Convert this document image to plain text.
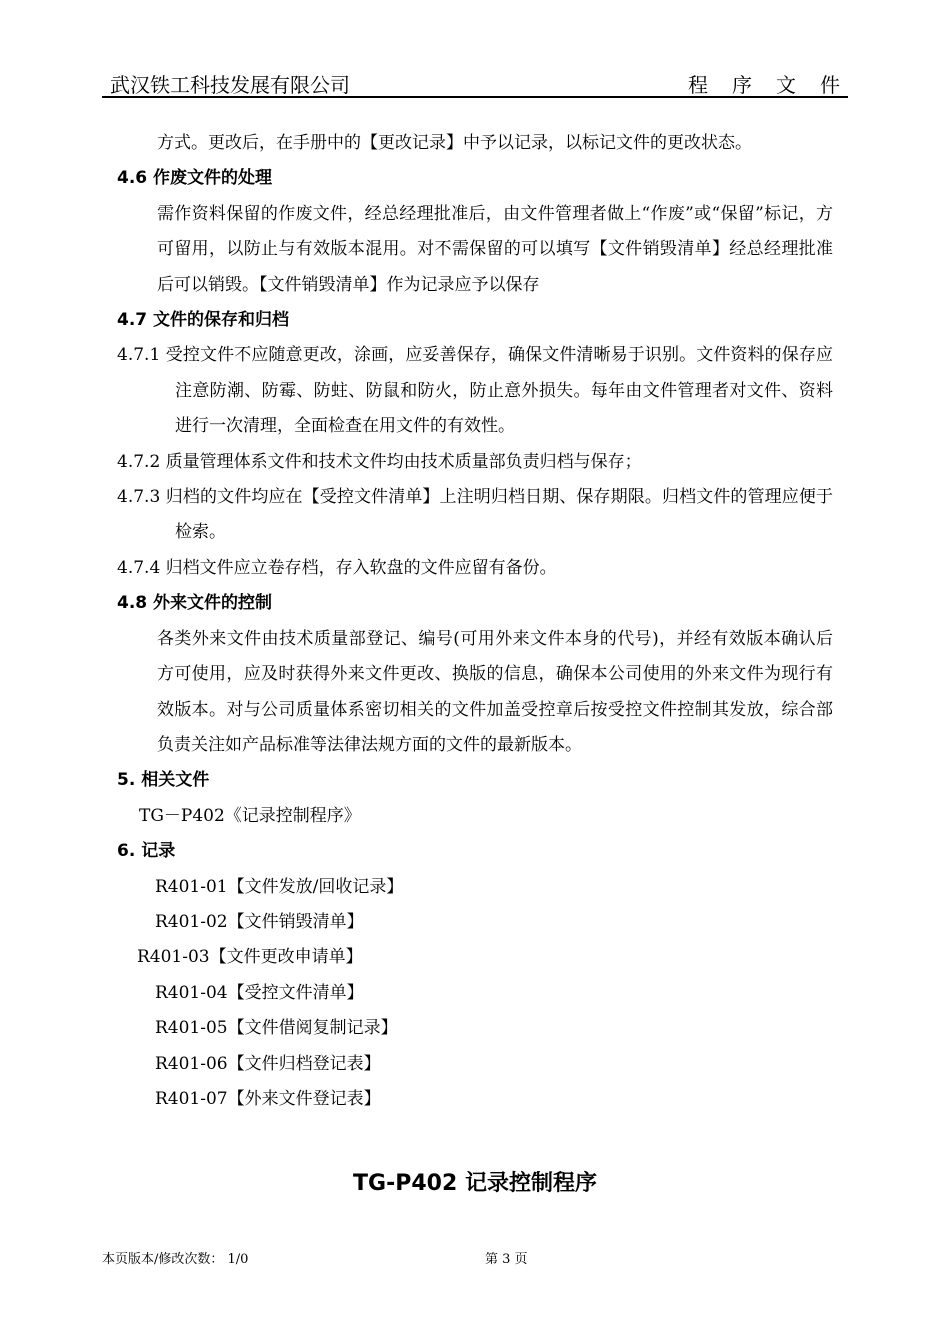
武汉铁工科技发展有限公司	程序文件

方式。更改后，在手册中的【更改记录】中予以记录，以标记文件的更改状态。

4.6 作废文件的处理

需作资料保留的作废文件，经总经理批准后，由文件管理者做上“作废”或“保留”标记，方可留用，以防止与有效版本混用。对不需保留的可以填写【文件销毁清单】经总经理批准后可以销毁。【文件销毁清单】作为记录应予以保存

4.7 文件的保存和归档

4.7.1 受控文件不应随意更改，涂画，应妥善保存，确保文件清晰易于识别。文件资料的保存应注意防潮、防霉、防蛀、防鼠和防火，防止意外损失。每年由文件管理者对文件、资料进行一次清理，全面检查在用文件的有效性。

4.7.2 质量管理体系文件和技术文件均由技术质量部负责归档与保存；

4.7.3 归档的文件均应在【受控文件清单】上注明归档日期、保存期限。归档文件的管理应便于检索。

4.7.4 归档文件应立卷存档，存入软盘的文件应留有备份。

4.8 外来文件的控制

各类外来文件由技术质量部登记、编号(可用外来文件本身的代号)，并经有效版本确认后方可使用，应及时获得外来文件更改、换版的信息，确保本公司使用的外来文件为现行有效版本。对与公司质量体系密切相关的文件加盖受控章后按受控文件控制其发放，综合部负责关注如产品标准等法律法规方面的文件的最新版本。

5. 相关文件

TG－P402《记录控制程序》

6. 记录

R401-01【文件发放/回收记录】

R401-02【文件销毁清单】

R401-03【文件更改申请单】

R401-04【受控文件清单】

R401-05【文件借阅复制记录】

R401-06【文件归档登记表】

R401-07【外来文件登记表】

TG-P402 记录控制程序
本页版本/修改次数： 1/0	第 3 页
